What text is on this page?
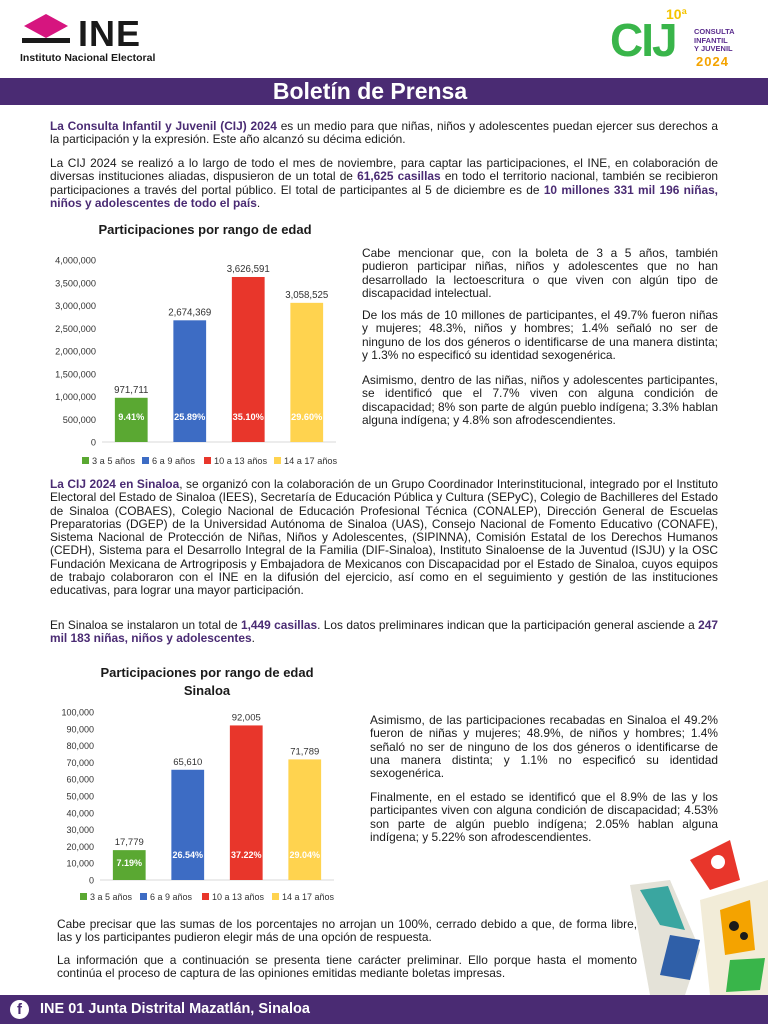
INE
Instituto Nacional Electoral
10ª
CIJ CONSULTA
INFANTIL
Y JUVENIL
2024
Boletín de Prensa
La Consulta Infantil y Juvenil (CIJ) 2024 es un medio para que niñas, niños y adolescentes puedan ejercer sus derechos a la participación y la expresión. Este año alcanzó su décima edición.
La CIJ 2024 se realizó a lo largo de todo el mes de noviembre, para captar las participaciones, el INE, en colaboración de diversas instituciones aliadas, dispusieron de un total de 61,625 casillas en todo el territorio nacional, también se recibieron participaciones a través del portal público. El total de participantes al 5 de diciembre es de 10 millones 331 mil 196 niñas, niños y adolescentes de todo el país.
Participaciones por rango de edad
0
500,000
1,000,000
1,500,000
2,000,000
2,500,000
3,000,000
3,500,000
4,000,000
971,711
9.41%
2,674,369
25.89%
3,626,591
35.10%
3,058,525
29.60%
3 a 5 años 6 a 9 años 10 a 13 años 14 a 17 años
Cabe mencionar que, con la boleta de 3 a 5 años, también pudieron participar niñas, niños y adolescentes que no han desarrollado la lectoescritura o que viven con algún tipo de discapacidad intelectual.
De los más de 10 millones de participantes, el 49.7% fueron niñas y mujeres; 48.3%, niños y hombres; 1.4% señaló no ser de ninguno de los dos géneros o identificarse de una manera distinta; y 1.3% no especificó su identidad sexogenérica.
Asimismo, dentro de las niñas, niños y adolescentes participantes, se identificó que el 7.7% viven con alguna condición de discapacidad; 8% son parte de algún pueblo indígena; 3.3% hablan alguna indígena; y 4.8% son afrodescendientes.
La CIJ 2024 en Sinaloa, se organizó con la colaboración de un Grupo Coordinador Interinstitucional, integrado por el Instituto Electoral del Estado de Sinaloa (IEES), Secretaría de Educación Pública y Cultura (SEPyC), Colegio de Bachilleres del Estado de Sinaloa (COBAES), Colegio Nacional de Educación Profesional Técnica (CONALEP), Dirección General de Escuelas Preparatorias (DGEP) de la Universidad Autónoma de Sinaloa (UAS), Consejo Nacional de Fomento Educativo (CONAFE), Sistema Nacional de Protección de Niñas, Niños y Adolescentes, (SIPINNA), Comisión Estatal de los Derechos Humanos (CEDH), Sistema para el Desarrollo Integral de la Familia (DIF-Sinaloa), Instituto Sinaloense de la Juventud (ISJU) y la OSC Fundación Mexicana de Artrogriposis y Embajadora de Mexicanos con Discapacidad por el Estado de Sinaloa, cuyos equipos de trabajo colaboraron con el INE en la difusión del ejercicio, así como en el seguimiento y gestión de las instituciones educativas, para lograr una mayor participación.
En Sinaloa se instalaron un total de 1,449 casillas. Los datos preliminares indican que la participación general asciende a 247 mil 183 niñas, niños y adolescentes.
Participaciones por rango de edad
Sinaloa
0
10,000
20,000
30,000
40,000
50,000
60,000
70,000
80,000
90,000
100,000
17,779
7.19%
65,610
26.54%
92,005
37.22%
71,789
29.04%
3 a 5 años 6 a 9 años 10 a 13 años 14 a 17 años
Asimismo, de las participaciones recabadas en Sinaloa el 49.2% fueron de niñas y mujeres; 48.9%, de niños y hombres; 1.4% señaló no ser de ninguno de los dos géneros o identificarse de una manera distinta; y 1.1% no especificó su identidad sexogenérica.
Finalmente, en el estado se identificó que el 8.9% de las y los participantes viven con alguna condición de discapacidad; 4.53% son parte de algún pueblo indígena; 2.05% hablan alguna indígena; y 5.22% son afrodescendientes.
Cabe precisar que las sumas de los porcentajes no arrojan un 100%, cerrado debido a que, de forma libre, las y los participantes pudieron elegir más de una opción de respuesta.
La información que a continuación se presenta tiene carácter preliminar. Ello porque hasta el momento continúa el proceso de captura de las opiniones emitidas mediante boletas impresas.
f	INE 01 Junta Distrital Mazatlán, Sinaloa
